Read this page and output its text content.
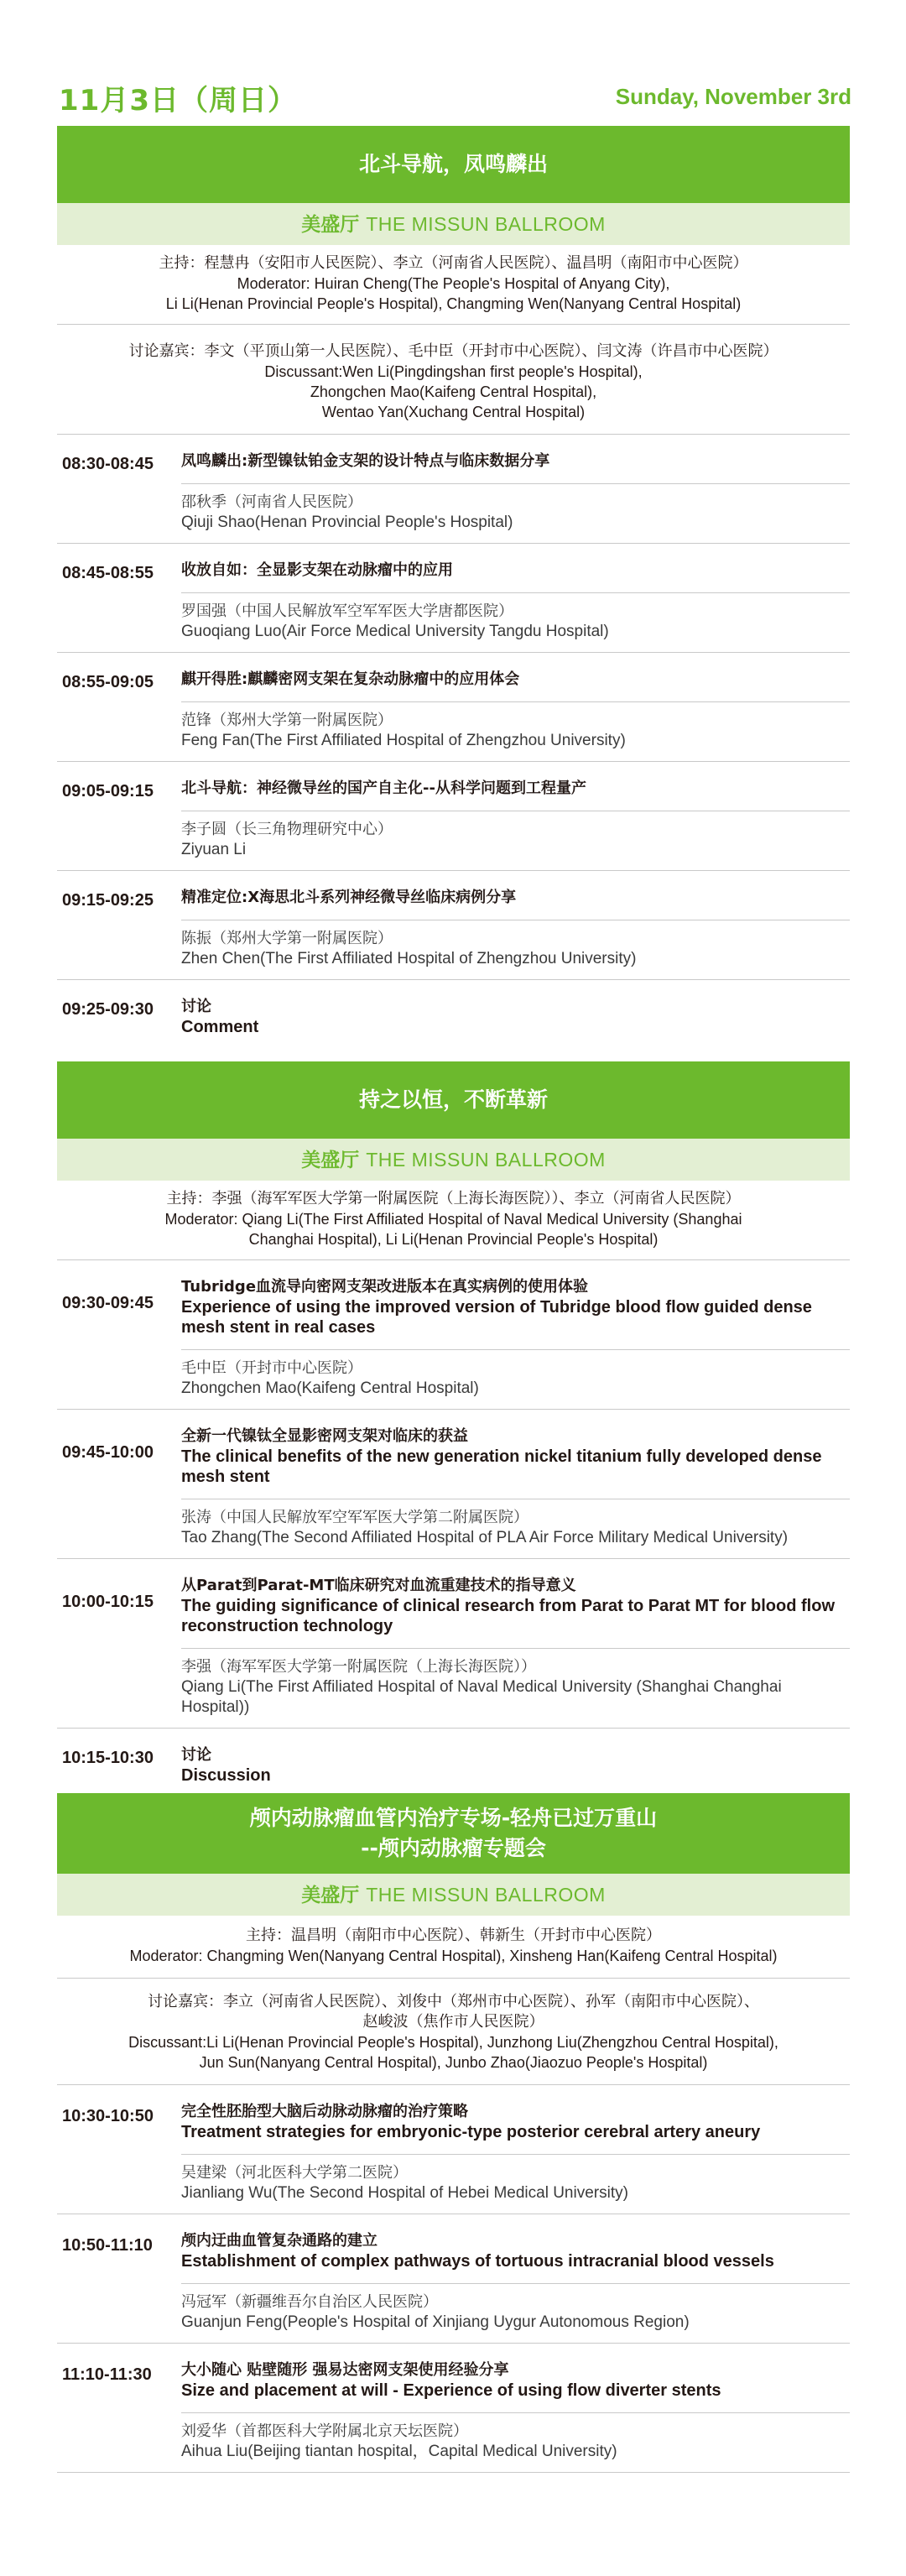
11月3日（周日）	Sunday, November 3rd
北斗导航，凤鸣麟出
美盛厅 THE MISSUN BALLROOM
主持：程慧冉（安阳市人民医院）、李立（河南省人民医院）、温昌明（南阳市中心医院）
Moderator: Huiran Cheng(The People's Hospital of Anyang City),
Li Li(Henan Provincial People's Hospital), Changming Wen(Nanyang Central Hospital)
讨论嘉宾：李文（平顶山第一人民医院）、毛中臣（开封市中心医院）、闫文涛（许昌市中心医院）
Discussant:Wen Li(Pingdingshan first people's Hospital),
Zhongchen Mao(Kaifeng Central Hospital),
Wentao Yan(Xuchang Central Hospital)
08:30-08:45 凤鸣麟出:新型镍钛铂金支架的设计特点与临床数据分享
邵秋季（河南省人民医院）
Qiuji Shao(Henan Provincial People's Hospital)
08:45-08:55 收放自如：全显影支架在动脉瘤中的应用
罗国强（中国人民解放军空军军医大学唐都医院）
Guoqiang Luo(Air Force Medical University Tangdu Hospital)
08:55-09:05 麒开得胜:麒麟密网支架在复杂动脉瘤中的应用体会
范锋（郑州大学第一附属医院）
Feng Fan(The First Affiliated Hospital of Zhengzhou University)
09:05-09:15 北斗导航：神经微导丝的国产自主化--从科学问题到工程量产
李子圆（长三角物理研究中心）
Ziyuan Li
09:15-09:25 精准定位:X海思北斗系列神经微导丝临床病例分享
陈振（郑州大学第一附属医院）
Zhen Chen(The First Affiliated Hospital of Zhengzhou University)
09:25-09:30 讨论
Comment
持之以恒，不断革新
美盛厅 THE MISSUN BALLROOM
主持：李强（海军军医大学第一附属医院（上海长海医院））、李立（河南省人民医院）
Moderator: Qiang Li(The First Affiliated Hospital of Naval Medical University (Shanghai
Changhai Hospital), Li Li(Henan Provincial People's Hospital)
09:30-09:45
Tubridge血流导向密网支架改进版本在真实病例的使用体验
Experience of using the improved version of Tubridge blood flow guided dense mesh stent in real cases
毛中臣（开封市中心医院）
Zhongchen Mao(Kaifeng Central Hospital)
09:45-10:00
全新一代镍钛全显影密网支架对临床的获益
The clinical benefits of the new generation nickel titanium fully developed dense mesh stent
张涛（中国人民解放军空军军医大学第二附属医院）
Tao Zhang(The Second Affiliated Hospital of PLA Air Force Military Medical University)
10:00-10:15
从Parat到Parat-MT临床研究对血流重建技术的指导意义
The guiding significance of clinical research from Parat to Parat MT for blood flow reconstruction technology
李强（海军军医大学第一附属医院（上海长海医院））
Qiang Li(The First Affiliated Hospital of Naval Medical University (Shanghai Changhai Hospital))
10:15-10:30 讨论
Discussion
颅内动脉瘤血管内治疗专场-轻舟已过万重山
--颅内动脉瘤专题会
美盛厅 THE MISSUN BALLROOM
主持：温昌明（南阳市中心医院）、韩新生（开封市中心医院）
Moderator: Changming Wen(Nanyang Central Hospital), Xinsheng Han(Kaifeng Central Hospital)
讨论嘉宾：李立（河南省人民医院）、刘俊中（郑州市中心医院）、孙军（南阳市中心医院）、
赵峻波（焦作市人民医院）
Discussant:Li Li(Henan Provincial People's Hospital), Junzhong Liu(Zhengzhou Central Hospital),
Jun Sun(Nanyang Central Hospital), Junbo Zhao(Jiaozuo People's Hospital)
10:30-10:50 完全性胚胎型大脑后动脉动脉瘤的治疗策略
Treatment strategies for embryonic-type posterior cerebral artery aneury
吴建梁（河北医科大学第二医院）
Jianliang Wu(The Second Hospital of Hebei Medical University)
10:50-11:10 颅内迂曲血管复杂通路的建立
Establishment of complex pathways of tortuous intracranial blood vessels
冯冠军（新疆维吾尔自治区人民医院）
Guanjun Feng(People's Hospital of Xinjiang Uygur Autonomous Region)
11:10-11:30 大小随心 贴壁随形 强易达密网支架使用经验分享
Size and placement at will - Experience of using flow diverter stents
刘爱华（首都医科大学附属北京天坛医院）
Aihua Liu(Beijing tiantan hospital，Capital Medical University)
